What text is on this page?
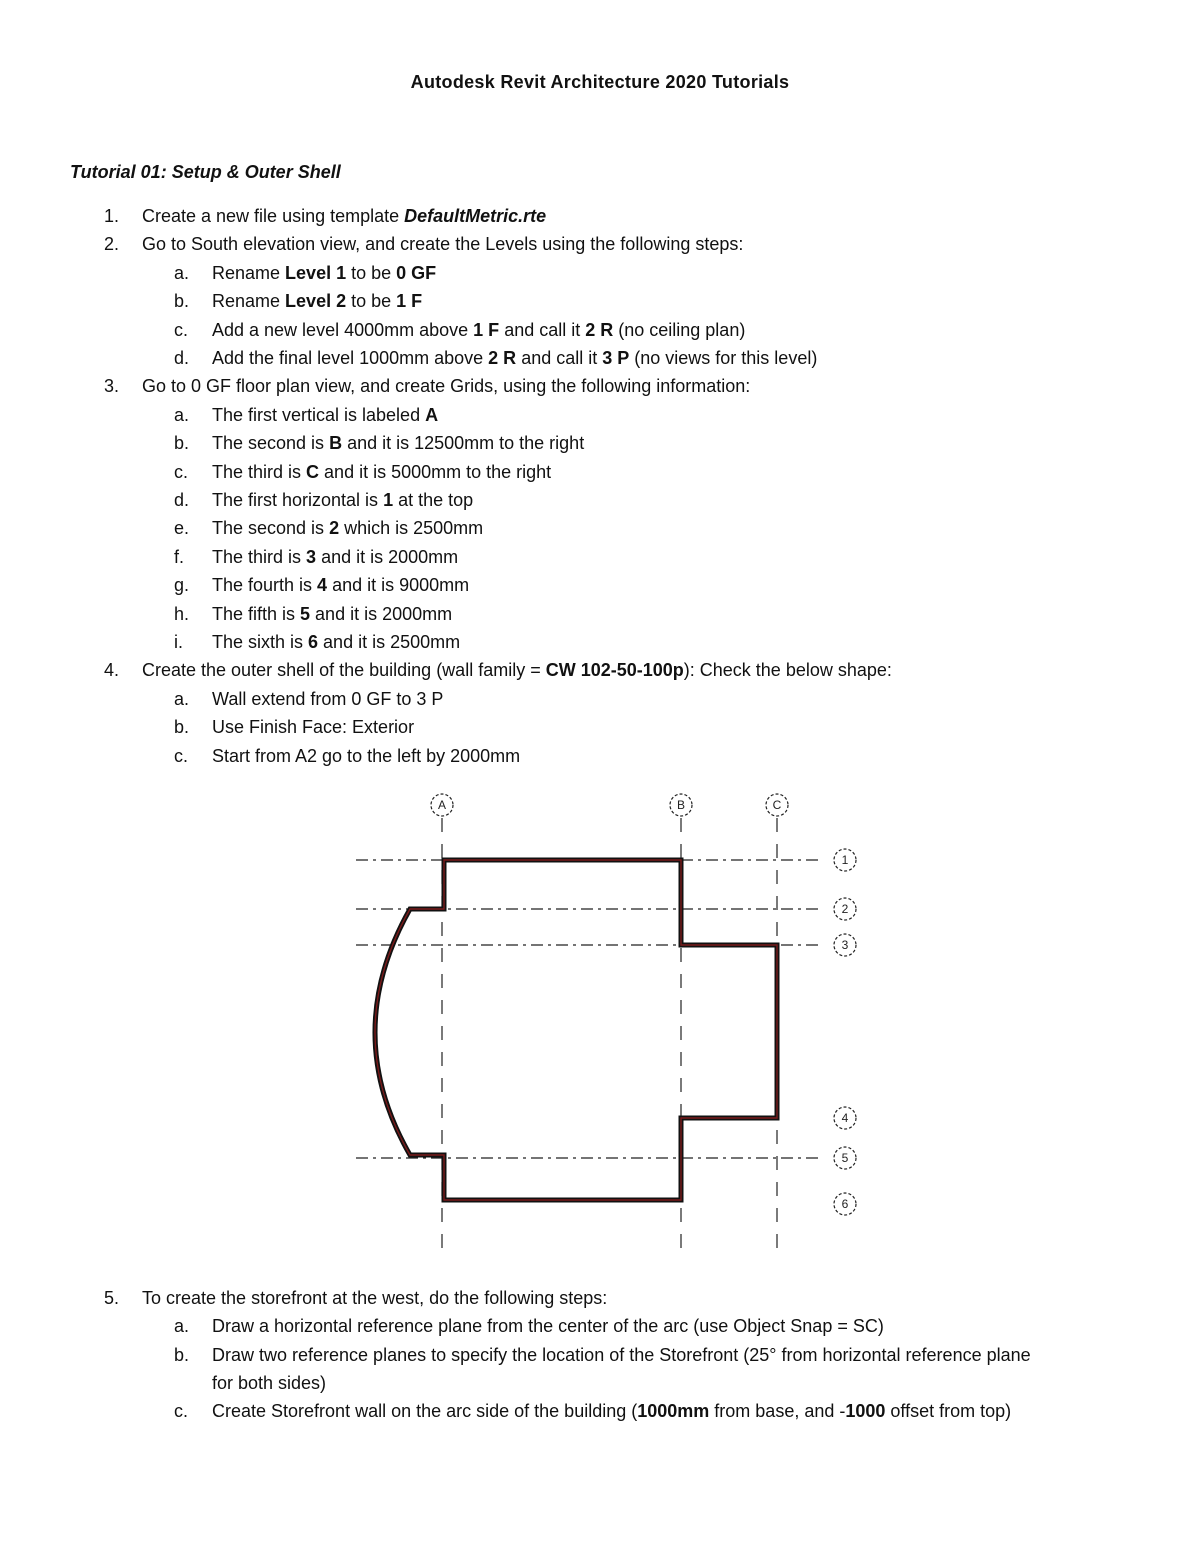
Autodesk Revit Architecture 2020 Tutorials
Tutorial 01: Setup & Outer Shell
1. Create a new file using template DefaultMetric.rte
2. Go to South elevation view, and create the Levels using the following steps:
a. Rename Level 1 to be 0 GF
b. Rename Level 2 to be 1 F
c. Add a new level 4000mm above 1 F and call it 2 R (no ceiling plan)
d. Add the final level 1000mm above 2 R and call it 3 P (no views for this level)
3. Go to 0 GF floor plan view, and create Grids, using the following information:
a. The first vertical is labeled A
b. The second is B and it is 12500mm to the right
c. The third is C and it is 5000mm to the right
d. The first horizontal is 1 at the top
e. The second is 2 which is 2500mm
f. The third is 3 and it is 2000mm
g. The fourth is 4 and it is 9000mm
h. The fifth is 5 and it is 2000mm
i. The sixth is 6 and it is 2500mm
4. Create the outer shell of the building (wall family = CW 102-50-100p): Check the below shape:
a. Wall extend from 0 GF to 3 P
b. Use Finish Face: Exterior
c. Start from A2 go to the left by 2000mm
A	B	C
1
2
3
4
5
6
5. To create the storefront at the west, do the following steps:
a. Draw a horizontal reference plane from the center of the arc (use Object Snap = SC)
b. Draw two reference planes to specify the location of the Storefront (25° from horizontal reference plane
for both sides)
c. Create Storefront wall on the arc side of the building (1000mm from base, and -1000 offset from top)
